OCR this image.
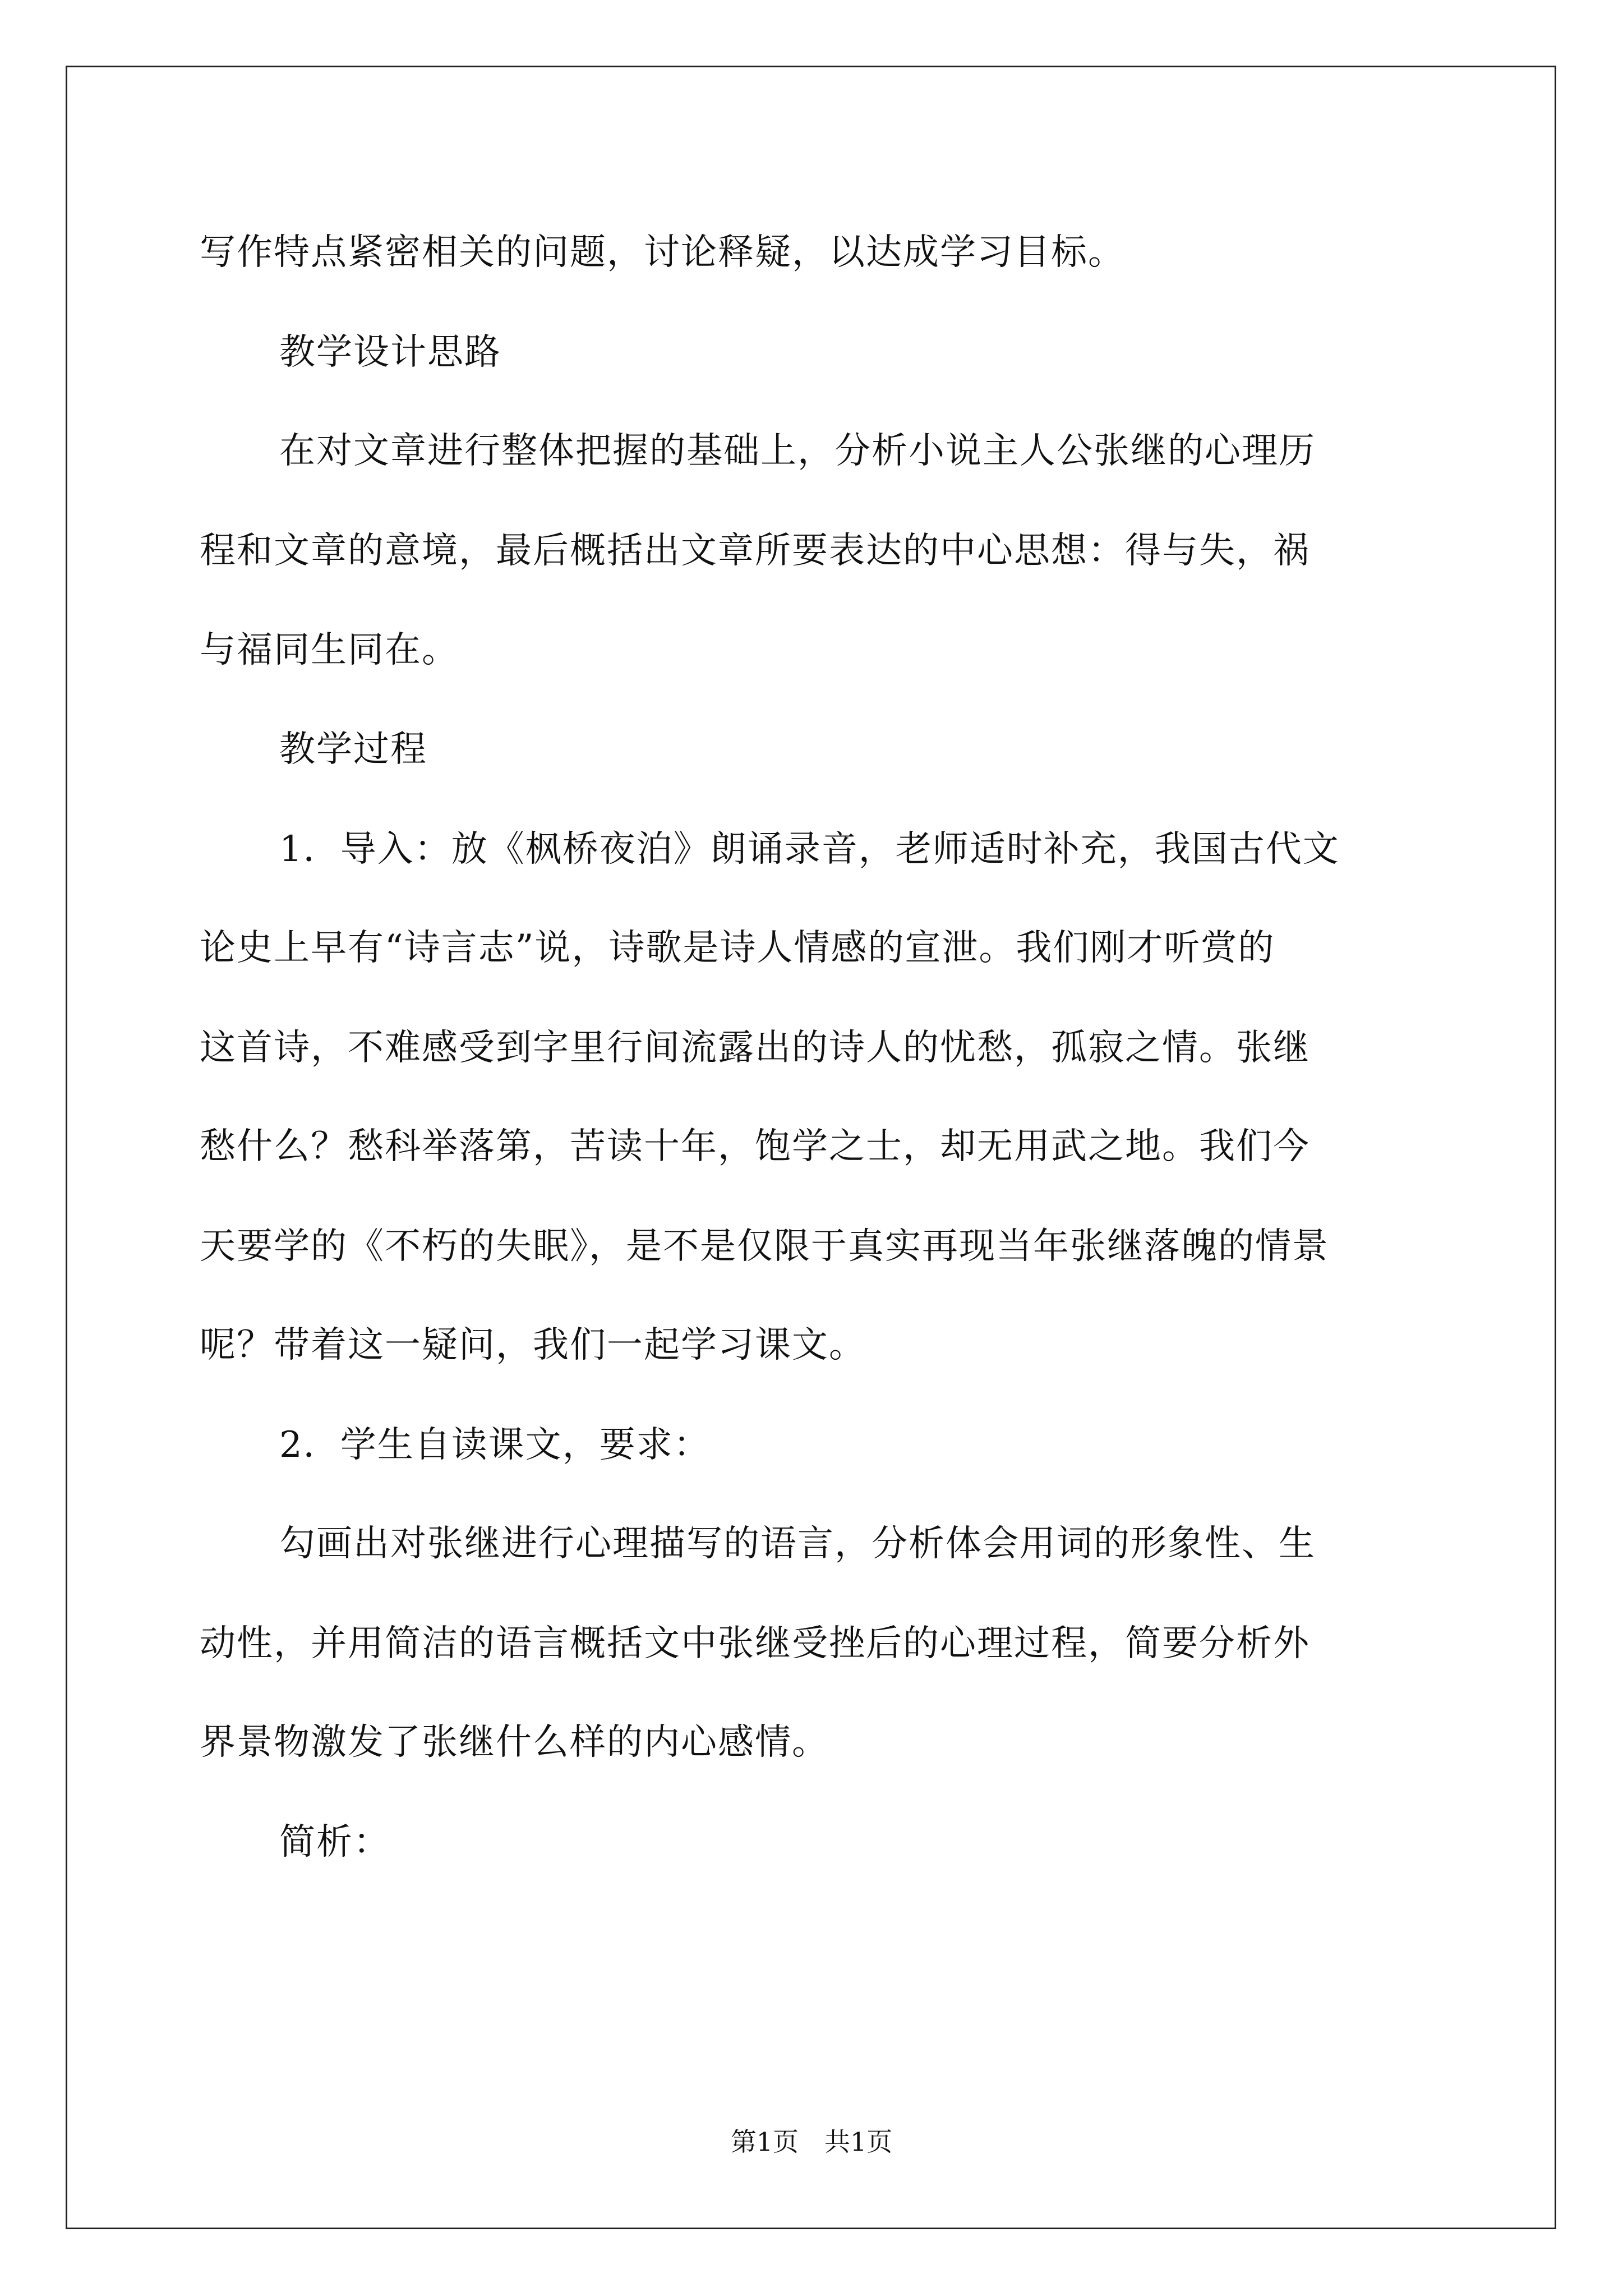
写作特点紧密相关的问题，讨论释疑，以达成学习目标。
教学设计思路
在对文章进行整体把握的基础上，分析小说主人公张继的心理历
程和文章的意境，最后概括出文章所要表达的中心思想：得与失，祸
与福同生同在。
教学过程
1．导入：放《枫桥夜泊》朗诵录音，老师适时补充，我国古代文
论史上早有“诗言志”说，诗歌是诗人情感的宣泄。我们刚才听赏的
这首诗，不难感受到字里行间流露出的诗人的忧愁，孤寂之情。张继
愁什么？愁科举落第，苦读十年，饱学之士，却无用武之地。我们今
天要学的《不朽的失眠》，是不是仅限于真实再现当年张继落魄的情景
呢？带着这一疑问，我们一起学习课文。
2．学生自读课文，要求：
勾画出对张继进行心理描写的语言，分析体会用词的形象性、生
动性，并用简洁的语言概括文中张继受挫后的心理过程，简要分析外
界景物激发了张继什么样的内心感情。
简析：
第1页　共1页
